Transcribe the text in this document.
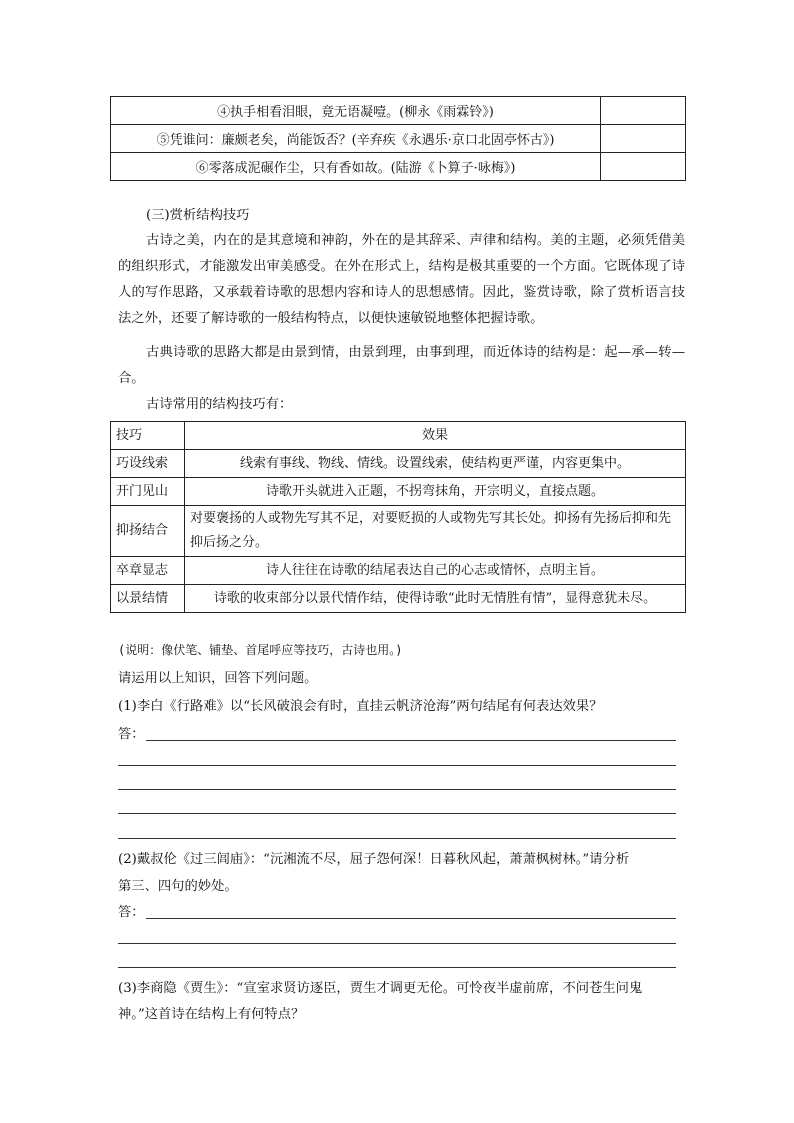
④执手相看泪眼，竟无语凝噎。(柳永《雨霖铃》)	
⑤凭谁问：廉颇老矣，尚能饭否？(辛弃疾《永遇乐·京口北固亭怀古》)	
⑥零落成泥碾作尘，只有香如故。(陆游《卜算子·咏梅》)	
(三)赏析结构技巧

古诗之美，内在的是其意境和神韵，外在的是其辞采、声律和结构。美的主题，必须凭借美的组织形式，才能激发出审美感受。在外在形式上，结构是极其重要的一个方面。它既体现了诗人的写作思路，又承载着诗歌的思想内容和诗人的思想感情。因此，鉴赏诗歌，除了赏析语言技法之外，还要了解诗歌的一般结构特点，以便快速敏锐地整体把握诗歌。

古典诗歌的思路大都是由景到情，由景到理，由事到理，而近体诗的结构是：起—承—转—合。

古诗常用的结构技巧有：

技巧	效果
巧设线索	线索有事线、物线、情线。设置线索，使结构更严谨，内容更集中。
开门见山	诗歌开头就进入正题，不拐弯抹角，开宗明义，直接点题。
抑扬结合	对要褒扬的人或物先写其不足，对要贬损的人或物先写其长处。抑扬有先扬后抑和先抑后扬之分。
卒章显志	诗人往往在诗歌的结尾表达自己的心志或情怀，点明主旨。
以景结情	诗歌的收束部分以景代情作结，使得诗歌“此时无情胜有情”，显得意犹未尽。
(说明：像伏笔、铺垫、首尾呼应等技巧，古诗也用。)
请运用以上知识，回答下列问题。
(1)李白《行路难》以“长风破浪会有时，直挂云帆济沧海”两句结尾有何表达效果？
答：
(2)戴叔伦《过三闾庙》：“沅湘流不尽，屈子怨何深！日暮秋风起，萧萧枫树林。”请分析
第三、四句的妙处。
答：
(3)李商隐《贾生》：“宣室求贤访逐臣，贾生才调更无伦。可怜夜半虚前席，不问苍生问鬼
神。”这首诗在结构上有何特点？
